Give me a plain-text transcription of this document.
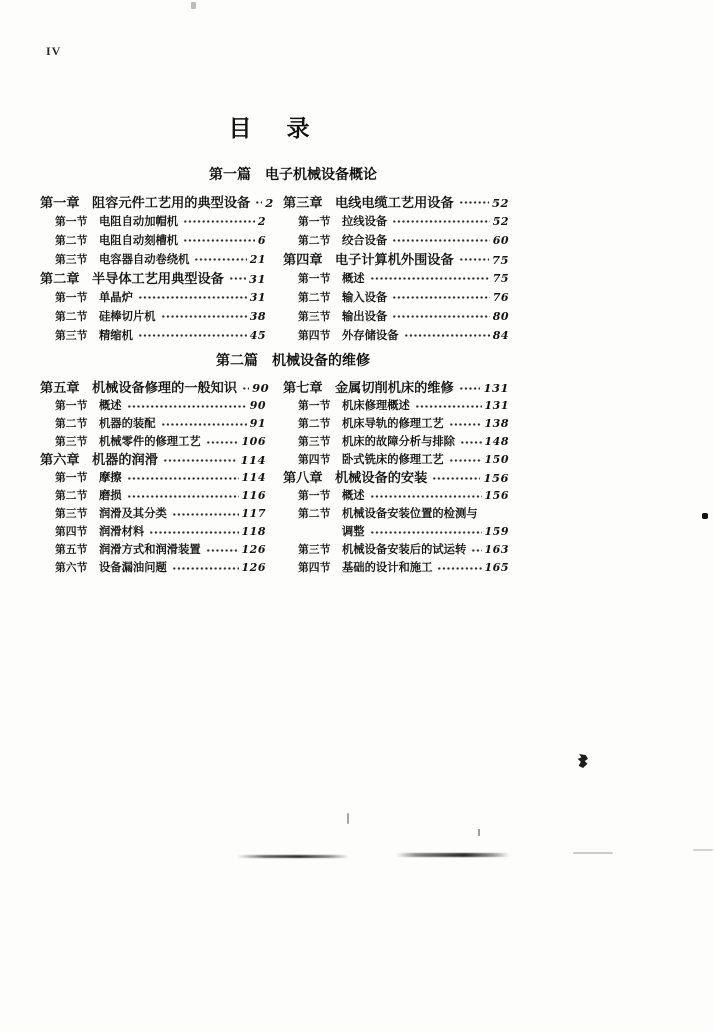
IV
目　录
第一篇　电子机械设备概论
第一章 阻容元件工艺用的典型设备 2
第一节	电阻自动加帽机	2
第二节	电阻自动刻槽机	6
第三节	电容器自动卷绕机	21
第二章 半导体工艺用典型设备 31
第一节	单晶炉	31
第二节	硅棒切片机	38
第三节	精缩机	45
第三章 电线电缆工艺用设备	52
第一节	拉线设备	52
第二节	绞合设备	60
第四章 电子计算机外围设备	75
第一节	概述	75
第二节	输入设备	76
第三节	输出设备	80
第四节	外存储设备	84
第二篇　机械设备的维修
第五章 机械设备修理的一般知识 90
第一节	概述	90
第二节	机器的装配	91
第三节	机械零件的修理工艺	106
第六章 机器的润滑	114
第一节	摩擦	114
第二节	磨损	116
第三节	润滑及其分类	117
第四节	润滑材料	118
第五节	润滑方式和润滑装置	126
第六节	设备漏油问题	126
第七章 金属切削机床的维修	131
第一节	机床修理概述	131
第二节	机床导轨的修理工艺	138
第三节	机床的故障分析与排除	148
第四节	卧式铣床的修理工艺	150
第八章 机械设备的安装	156
第一节	概述	156
第二节	机械设备安装位置的检测与
调整	159
第三节	机械设备安装后的试运转 163
第四节	基础的设计和施工	165
